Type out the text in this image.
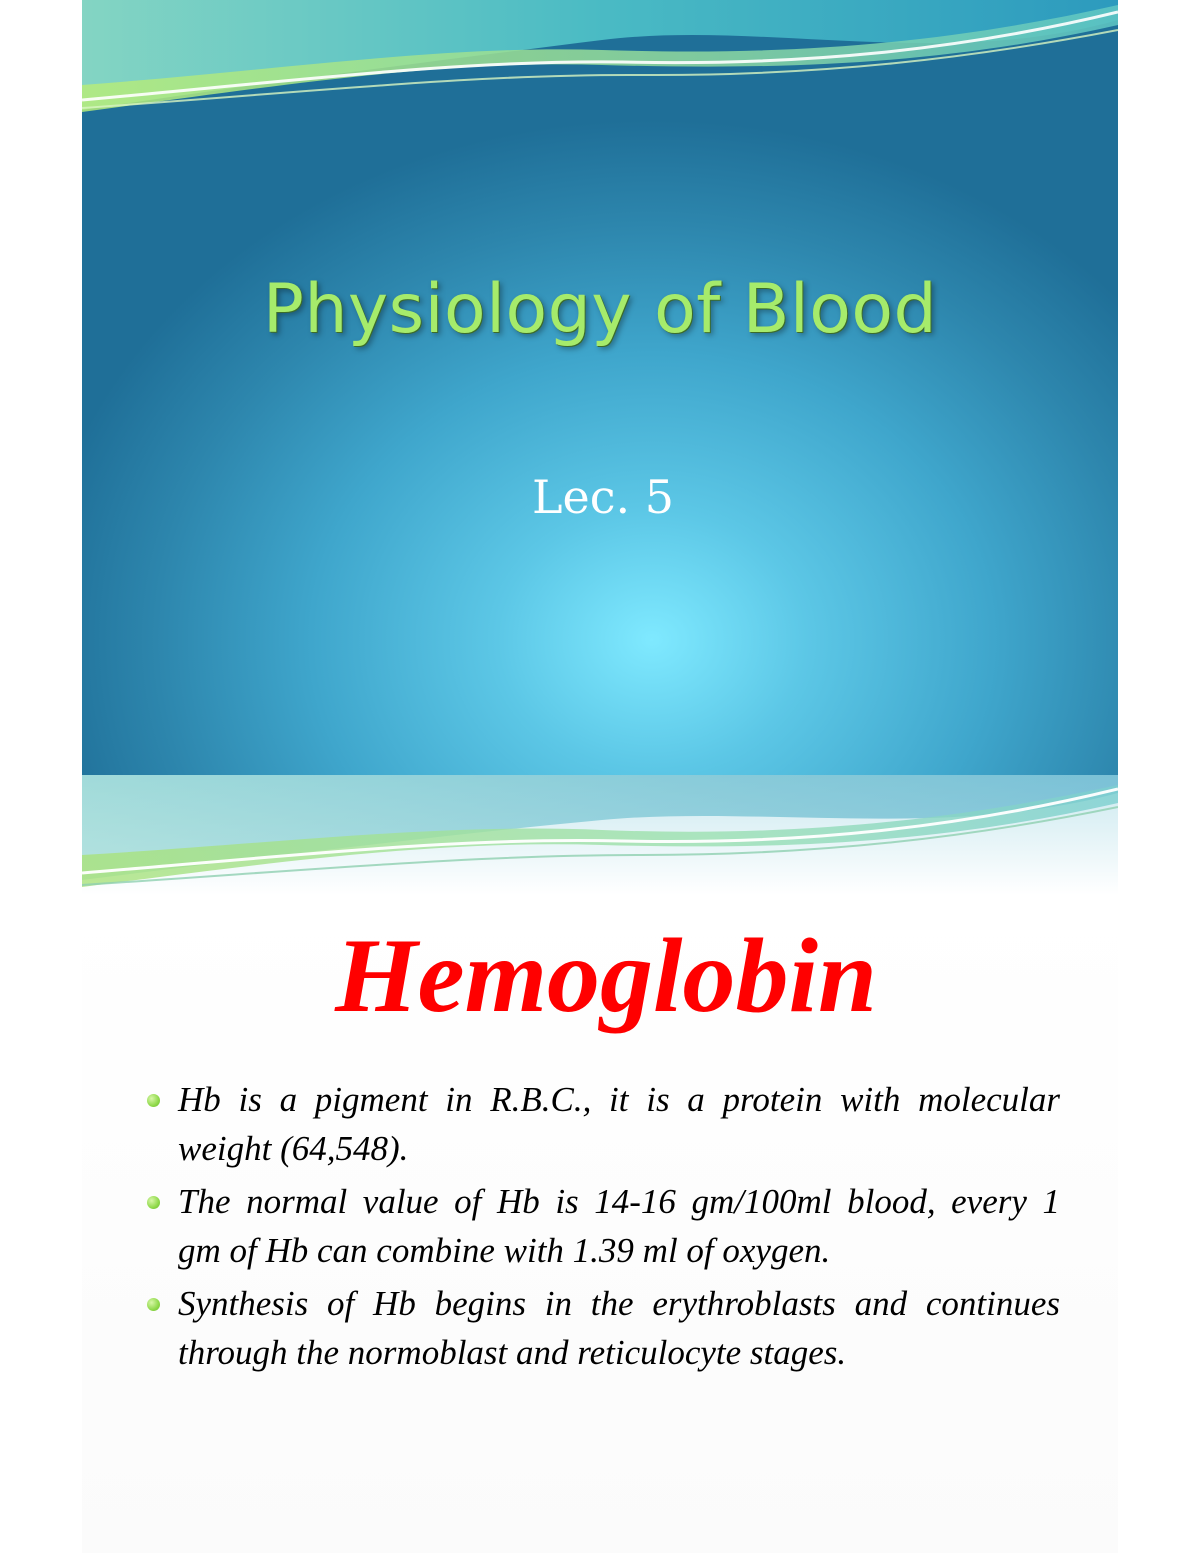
Physiology of Blood
Lec. 5
Hemoglobin
Hb is a pigment in R.B.C., it is a protein with molecular weight (64,548).
The normal value of Hb is 14-16 gm/100ml blood, every 1   gm of Hb can combine with 1.39 ml of oxygen.
Synthesis of Hb begins in the erythroblasts and continues through the normoblast and reticulocyte stages.
